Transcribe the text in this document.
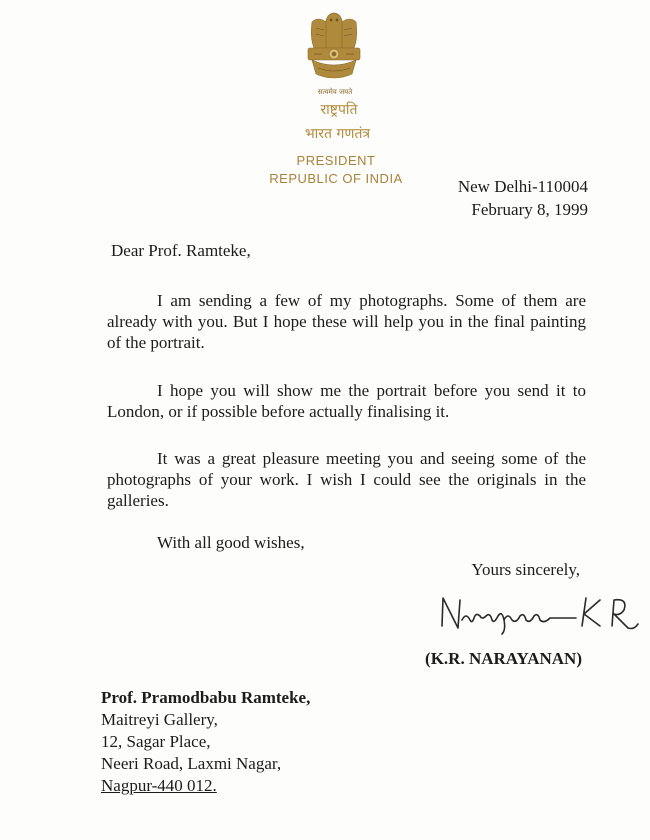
सत्यमेव जयते
राष्ट्रपति
भारत गणतंत्र
PRESIDENT
REPUBLIC OF INDIA	New Delhi-110004
February 8, 1999
Dear Prof. Ramteke,

I am sending a few of my photographs. Some of them are already with you. But I hope these will help you in the final painting of the portrait.

I hope you will show me the portrait before you send it to London, or if possible before actually finalising it.

It was a great pleasure meeting you and seeing some of the photographs of your work. I wish I could see the originals in the galleries.

With all good wishes,
Yours sincerely,
(K.R. NARAYANAN)
Prof. Pramodbabu Ramteke,
Maitreyi Gallery,
12, Sagar Place,
Neeri Road, Laxmi Nagar,
Nagpur-440 012.
